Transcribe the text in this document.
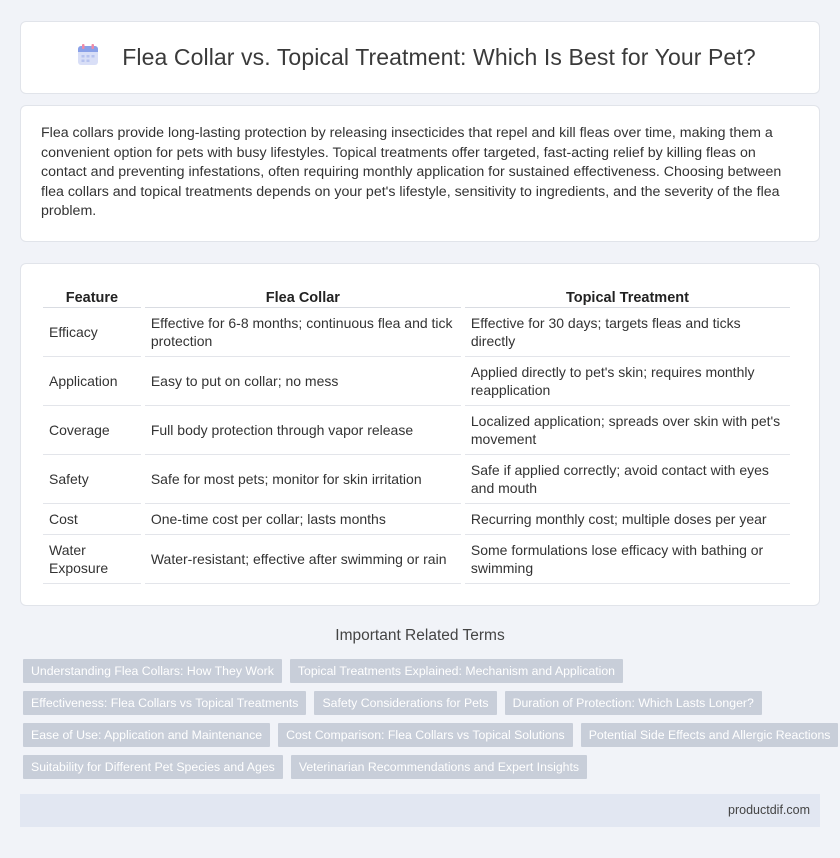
Flea Collar vs. Topical Treatment: Which Is Best for Your Pet?

Flea collars provide long-lasting protection by releasing insecticides that repel and kill fleas over time, making them a convenient option for pets with busy lifestyles. Topical treatments offer targeted, fast-acting relief by killing fleas on contact and preventing infestations, often requiring monthly application for sustained effectiveness. Choosing between flea collars and topical treatments depends on your pet's lifestyle, sensitivity to ingredients, and the severity of the flea problem.

Feature	Flea Collar	Topical Treatment
Efficacy	Effective for 6-8 months; continuous flea and tick protection	Effective for 30 days; targets fleas and ticks directly
Application	Easy to put on collar; no mess	Applied directly to pet's skin; requires monthly reapplication
Coverage	Full body protection through vapor release	Localized application; spreads over skin with pet's movement
Safety	Safe for most pets; monitor for skin irritation	Safe if applied correctly; avoid contact with eyes and mouth
Cost	One-time cost per collar; lasts months	Recurring monthly cost; multiple doses per year
Water Exposure	Water-resistant; effective after swimming or rain	Some formulations lose efficacy with bathing or swimming
Important Related Terms
Understanding Flea Collars: How They Work	Topical Treatments Explained: Mechanism and Application
Effectiveness: Flea Collars vs Topical Treatments	Safety Considerations for Pets	Duration of Protection: Which Lasts Longer?
Ease of Use: Application and Maintenance	Cost Comparison: Flea Collars vs Topical Solutions	Potential Side Effects and Allergic Reactions
Suitability for Different Pet Species and Ages	Veterinarian Recommendations and Expert Insights
productdif.com
